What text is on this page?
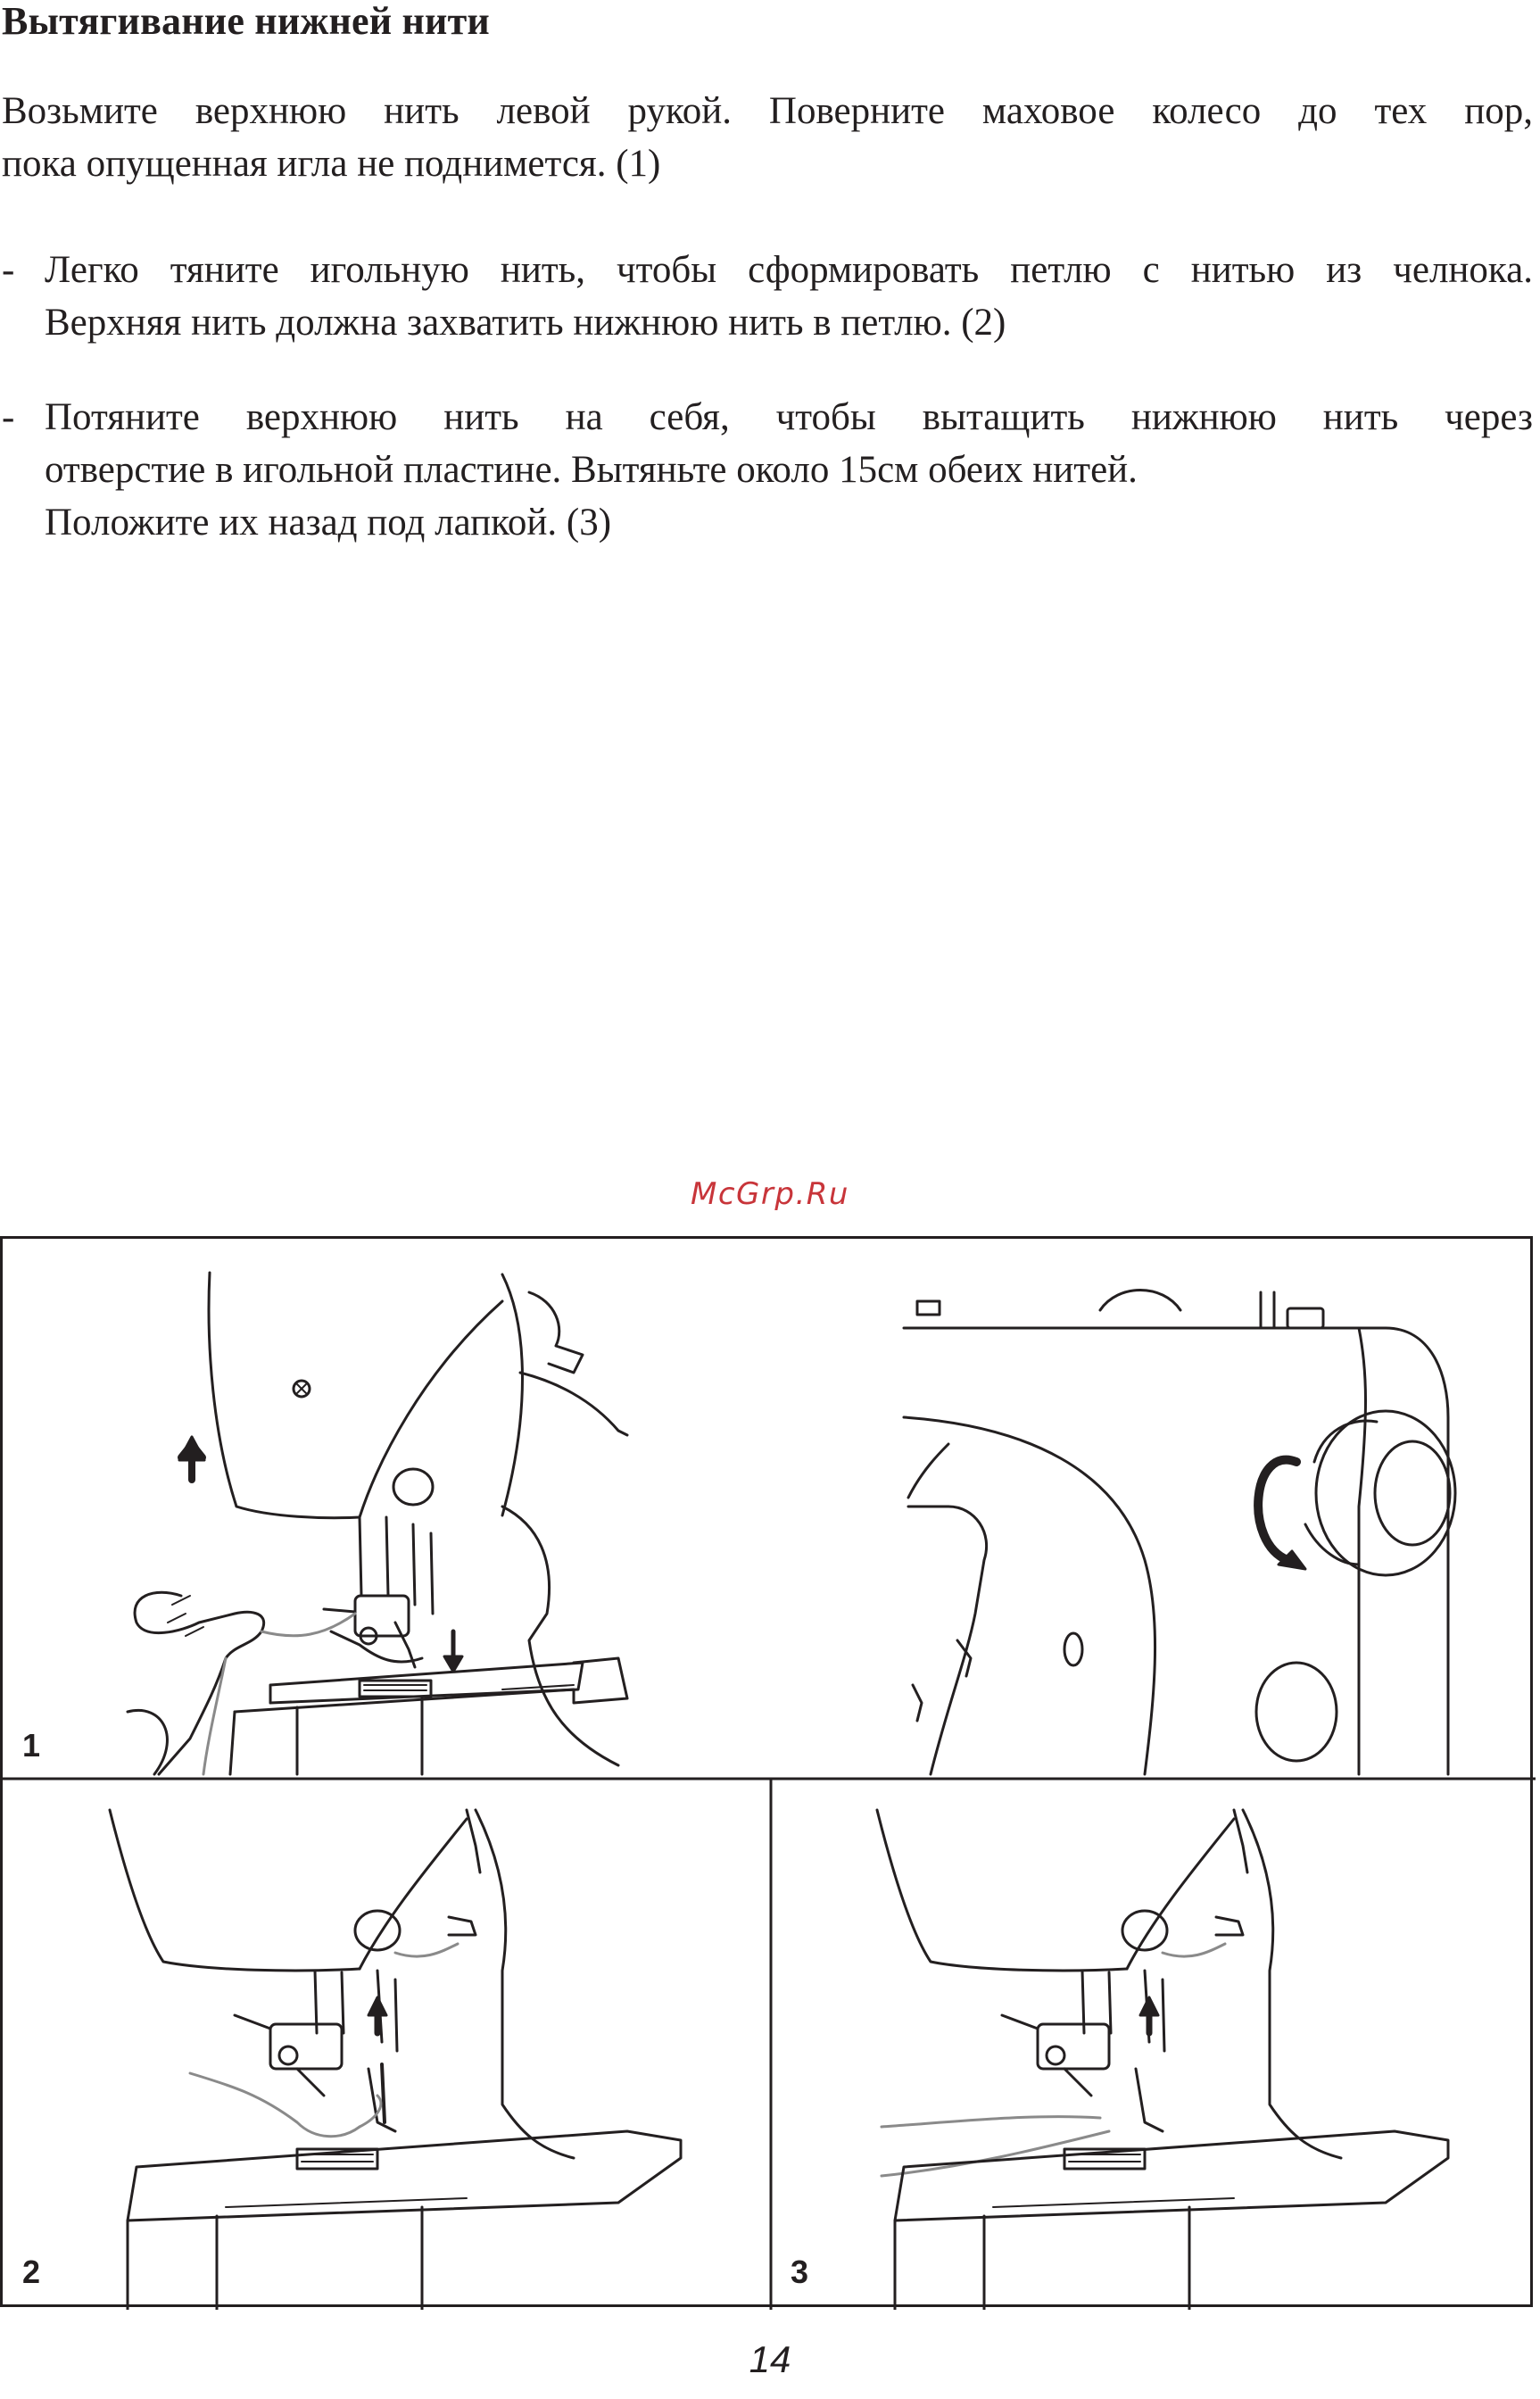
Вытягивание нижней нити

Возьмите верхнюю нить левой рукой. Поверните маховое колесо до тех пор,
пока опущенная игла не поднимется. (1)

- Легко тяните игольную нить, чтобы сформировать петлю с нитью из челнока.
Верхняя нить должна захватить нижнюю нить в петлю. (2)

- Потяните верхнюю нить на себя, чтобы вытащить нижнюю нить через
отверстие в игольной пластине. Вытяньте около 15см обеих нитей.
Положите их назад под лапкой. (3)

McGrp.Ru
1
2	3
14
